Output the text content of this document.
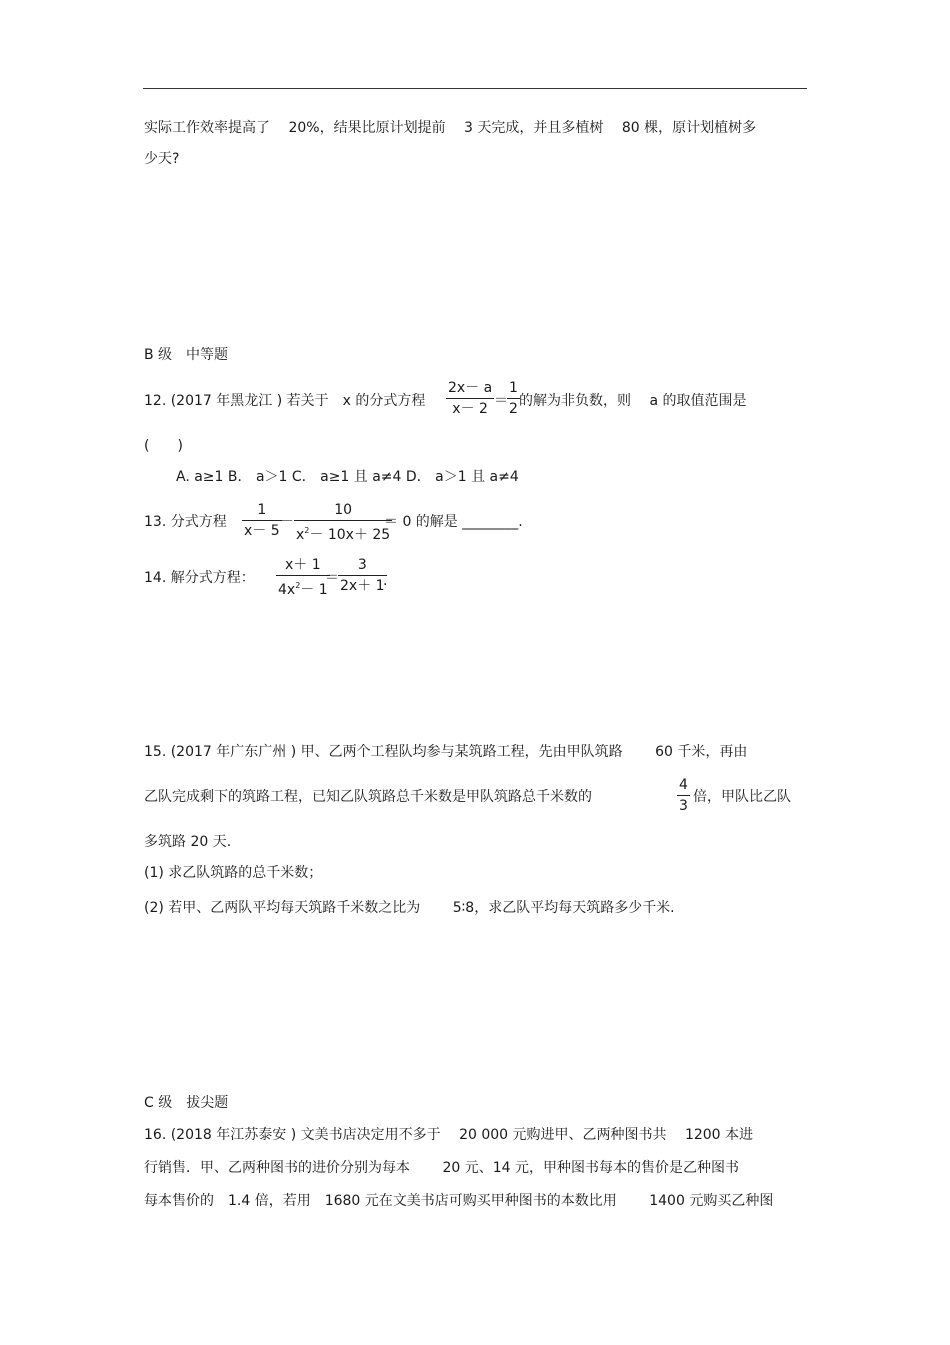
实际工作效率提高了　 20%，结果比原计划提前　 3 天完成，并且多植树　 80 棵，原计划植树多
少天?
B 级　中等题
12. (2017 年黑龙江 ) 若关于　x 的分式方程
2x－ a
x－ 2 ＝
1
2 的解为非负数，则　 a 的取值范围是
(　　)
A. a≥1 B． a＞1 C． a≥1 且 a≠4 D． a＞1 且 a≠4
13. 分式方程
1
x－ 5
－
10
$x^2- 10x+ 25$
＝ 0 的解是 ________.
14. 解分式方程：
x＋ 1
$4x^2- 1$
＝
3
2x＋ 1
.
15. (2017 年广东广州 ) 甲、乙两个工程队均参与某筑路工程，先由甲队筑路　　 60 千米，再由
乙队完成剩下的筑路工程，已知乙队筑路总千米数是甲队筑路总千米数的
4
3
倍，甲队比乙队
多筑路 20 天.
(1) 求乙队筑路的总千米数；
(2) 若甲、乙两队平均每天筑路千米数之比为　　 5∶8，求乙队平均每天筑路多少千米.
C 级　拔尖题
16. (2018 年江苏泰安 ) 文美书店决定用不多于　 20 000 元购进甲、乙两种图书共　 1200 本进
行销售．甲、乙两种图书的进价分别为每本　　 20 元、14 元，甲种图书每本的售价是乙种图书
每本售价的　1.4 倍，若用　1680 元在文美书店可购买甲种图书的本数比用　　 1400 元购买乙种图
